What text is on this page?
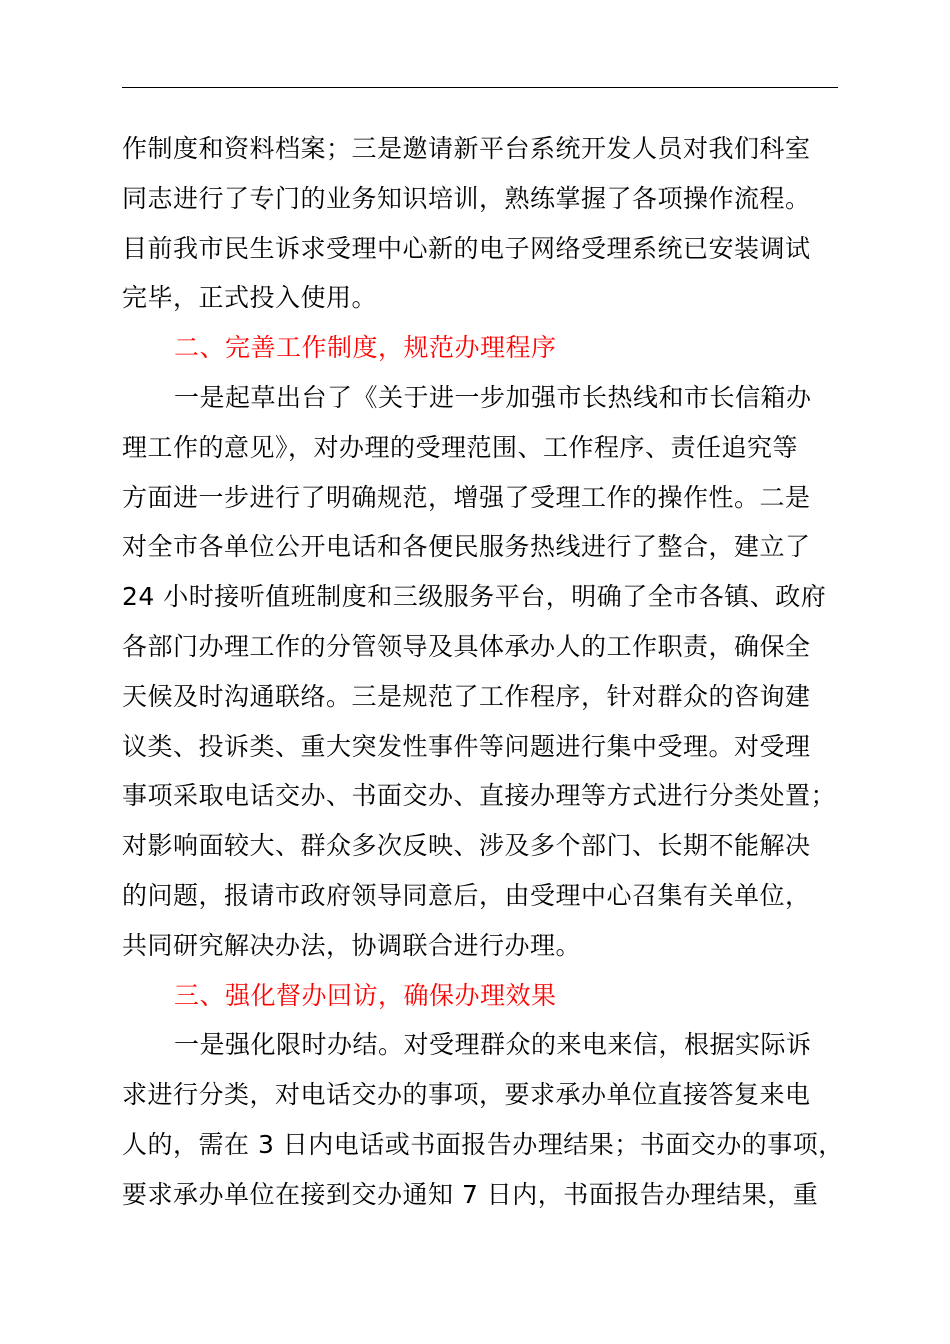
作制度和资料档案；三是邀请新平台系统开发人员对我们科室
同志进行了专门的业务知识培训，熟练掌握了各项操作流程。
目前我市民生诉求受理中心新的电子网络受理系统已安装调试
完毕，正式投入使用。
二、完善工作制度，规范办理程序
一是起草出台了《关于进一步加强市长热线和市长信箱办
理工作的意见》，对办理的受理范围、工作程序、责任追究等
方面进一步进行了明确规范，增强了受理工作的操作性。二是
对全市各单位公开电话和各便民服务热线进行了整合，建立了
24 小时接听值班制度和三级服务平台，明确了全市各镇、政府
各部门办理工作的分管领导及具体承办人的工作职责，确保全
天候及时沟通联络。三是规范了工作程序，针对群众的咨询建
议类、投诉类、重大突发性事件等问题进行集中受理。对受理
事项采取电话交办、书面交办、直接办理等方式进行分类处置；
对影响面较大、群众多次反映、涉及多个部门、长期不能解决
的问题，报请市政府领导同意后，由受理中心召集有关单位，
共同研究解决办法，协调联合进行办理。
三、强化督办回访，确保办理效果
一是强化限时办结。对受理群众的来电来信，根据实际诉
求进行分类，对电话交办的事项，要求承办单位直接答复来电
人的，需在 3 日内电话或书面报告办理结果；书面交办的事项，
要求承办单位在接到交办通知 7 日内，书面报告办理结果，重
